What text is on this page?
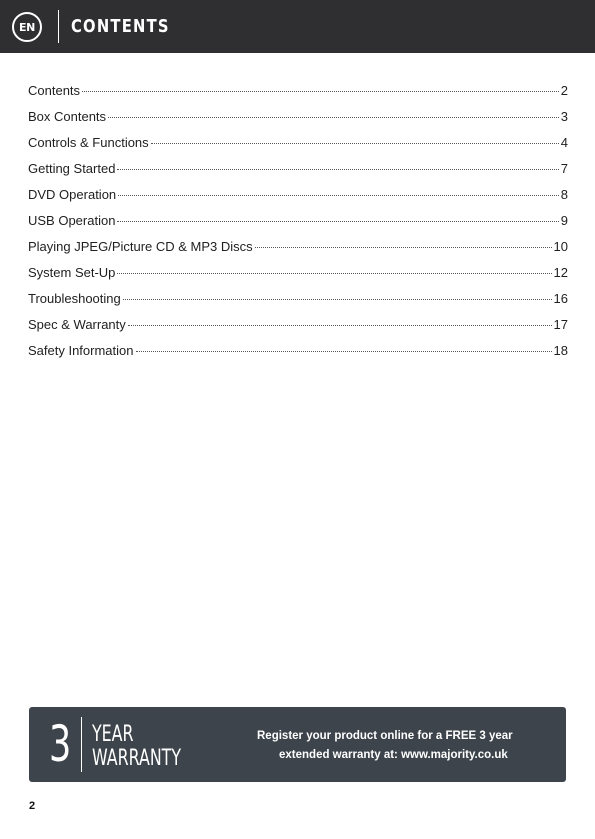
EN	CONTENTS
Contents	2
Box Contents	3
Controls & Functions	4
Getting Started	7
DVD Operation	8
USB Operation	9
Playing JPEG/Picture CD & MP3 Discs	10
System Set-Up	12
Troubleshooting	16
Spec & Warranty	17
Safety Information	18
3 YEAR
WARRANTY
Register your product online for a FREE 3 year
extended warranty at: www.majority.co.uk
2
